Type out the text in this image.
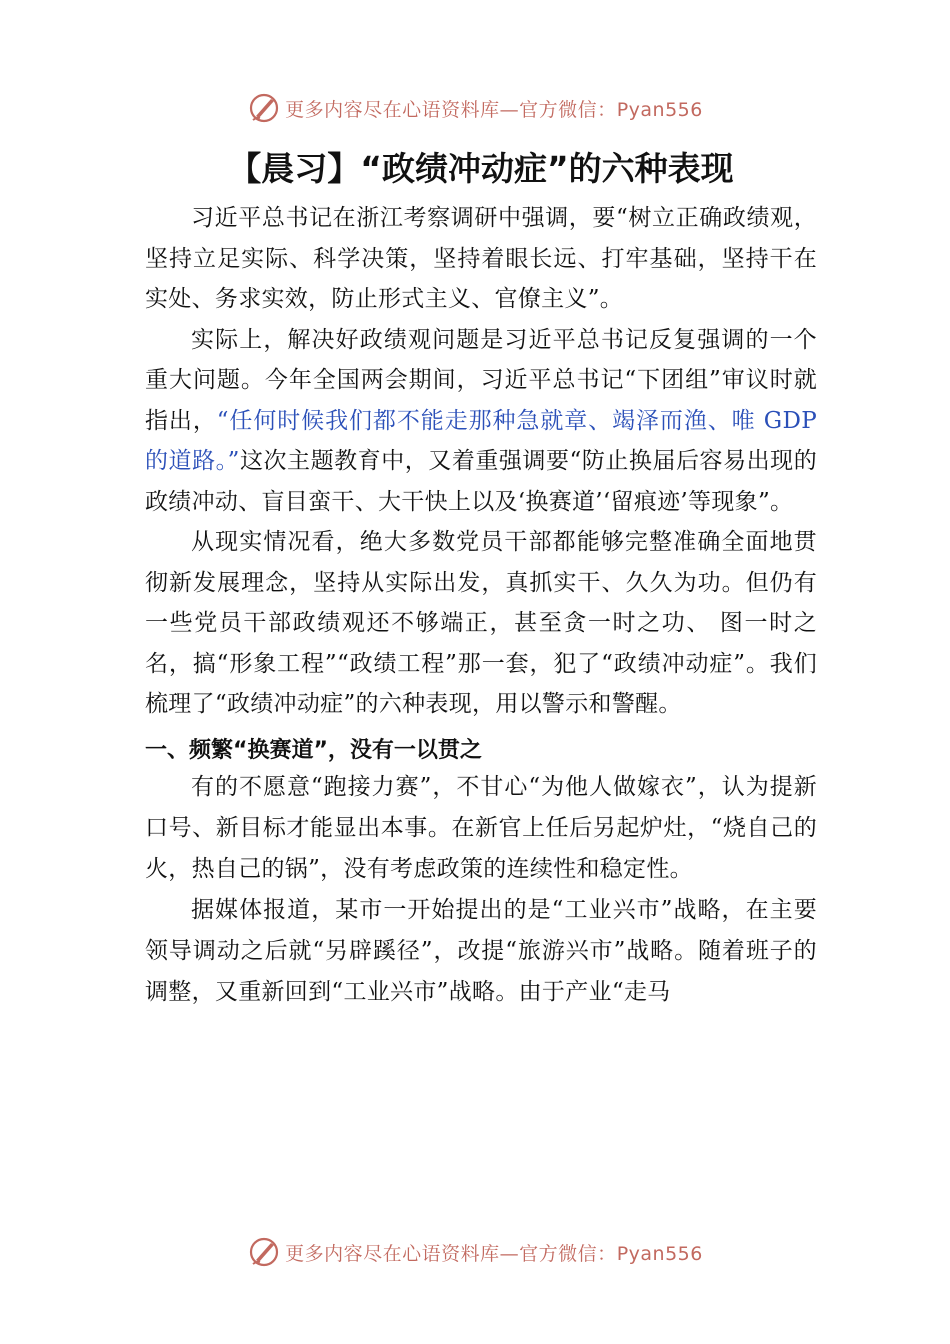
更多内容尽在心语资料库—官方微信：Pyan556
【晨习】“政绩冲动症”的六种表现

习近平总书记在浙江考察调研中强调，要“树立正确政绩观，坚持立足实际、科学决策，坚持着眼长远、打牢基础，坚持干在实处、务求实效，防止形式主义、官僚主义”。

实际上，解决好政绩观问题是习近平总书记反复强调的一个重大问题。今年全国两会期间，习近平总书记“下团组”审议时就指出，“任何时候我们都不能走那种急就章、竭泽而渔、唯 GDP 的道路。”这次主题教育中，又着重强调要“防止换届后容易出现的政绩冲动、盲目蛮干、大干快上以及‘换赛道’‘留痕迹’等现象”。

从现实情况看，绝大多数党员干部都能够完整准确全面地贯彻新发展理念，坚持从实际出发，真抓实干、久久为功。但仍有一些党员干部政绩观还不够端正，甚至贪一时之功、 图一时之名，搞“形象工程”“政绩工程”那一套，犯了“政绩冲动症”。我们梳理了“政绩冲动症”的六种表现，用以警示和警醒。

一、频繁“换赛道”，没有一以贯之

有的不愿意“跑接力赛”，不甘心“为他人做嫁衣”，认为提新口号、新目标才能显出本事。在新官上任后另起炉灶，“烧自己的火，热自己的锅”，没有考虑政策的连续性和稳定性。

据媒体报道，某市一开始提出的是“工业兴市”战略，在主要领导调动之后就“另辟蹊径”，改提“旅游兴市”战略。随着班子的调整，又重新回到“工业兴市”战略。由于产业“走马

更多内容尽在心语资料库—官方微信：Pyan556
